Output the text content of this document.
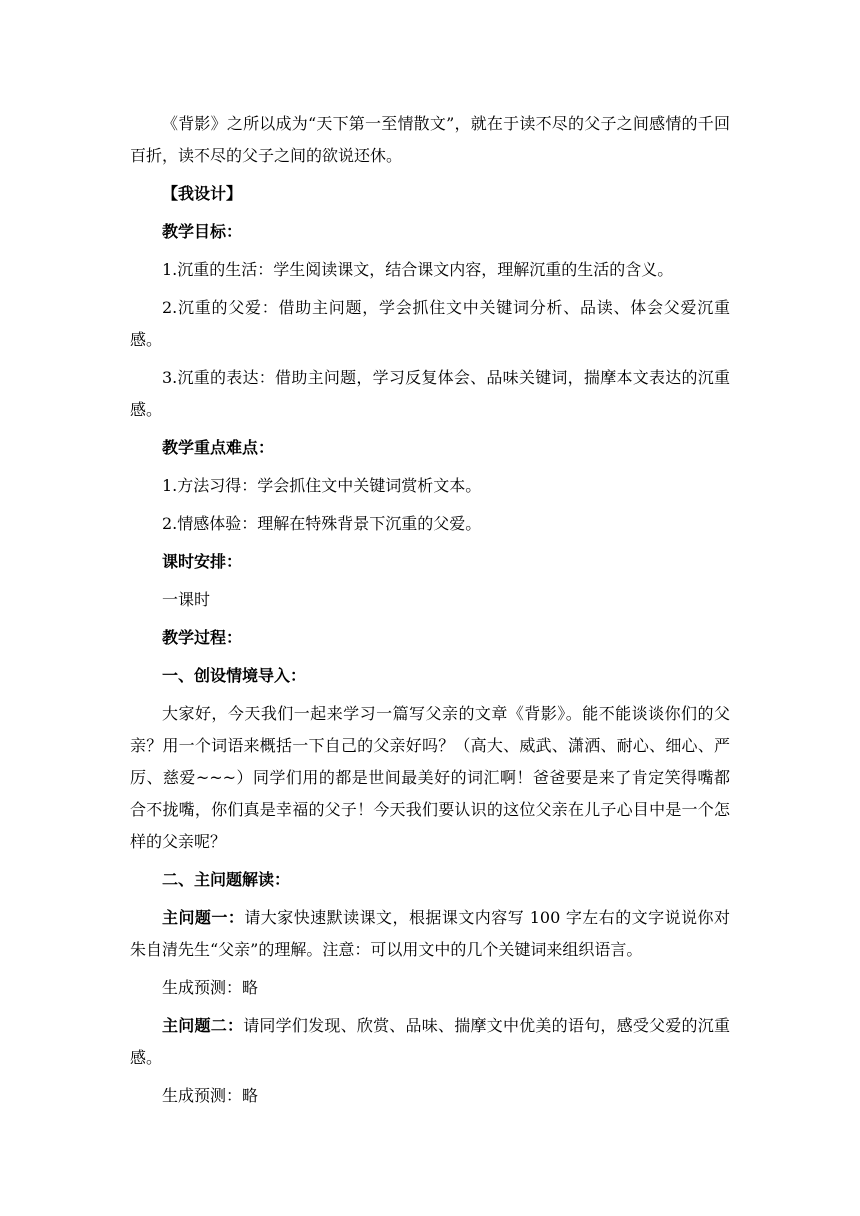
《背影》之所以成为“天下第一至情散文”，就在于读不尽的父子之间感情的千回百折，读不尽的父子之间的欲说还休。

【我设计】

教学目标：

1.沉重的生活：学生阅读课文，结合课文内容，理解沉重的生活的含义。

2.沉重的父爱：借助主问题，学会抓住文中关键词分析、品读、体会父爱沉重感。

3.沉重的表达：借助主问题，学习反复体会、品味关键词，揣摩本文表达的沉重感。

教学重点难点：

1.方法习得：学会抓住文中关键词赏析文本。

2.情感体验：理解在特殊背景下沉重的父爱。

课时安排：

一课时

教学过程：

一、创设情境导入：

大家好，今天我们一起来学习一篇写父亲的文章《背影》。能不能谈谈你们的父亲？用一个词语来概括一下自己的父亲好吗？（高大、威武、潇洒、耐心、细心、严厉、慈爱~~~）同学们用的都是世间最美好的词汇啊！爸爸要是来了肯定笑得嘴都合不拢嘴，你们真是幸福的父子！今天我们要认识的这位父亲在儿子心目中是一个怎样的父亲呢？

二、主问题解读：

主问题一：请大家快速默读课文，根据课文内容写 100 字左右的文字说说你对朱自清先生“父亲”的理解。注意：可以用文中的几个关键词来组织语言。

生成预测：略

主问题二：请同学们发现、欣赏、品味、揣摩文中优美的语句，感受父爱的沉重感。

生成预测：略
